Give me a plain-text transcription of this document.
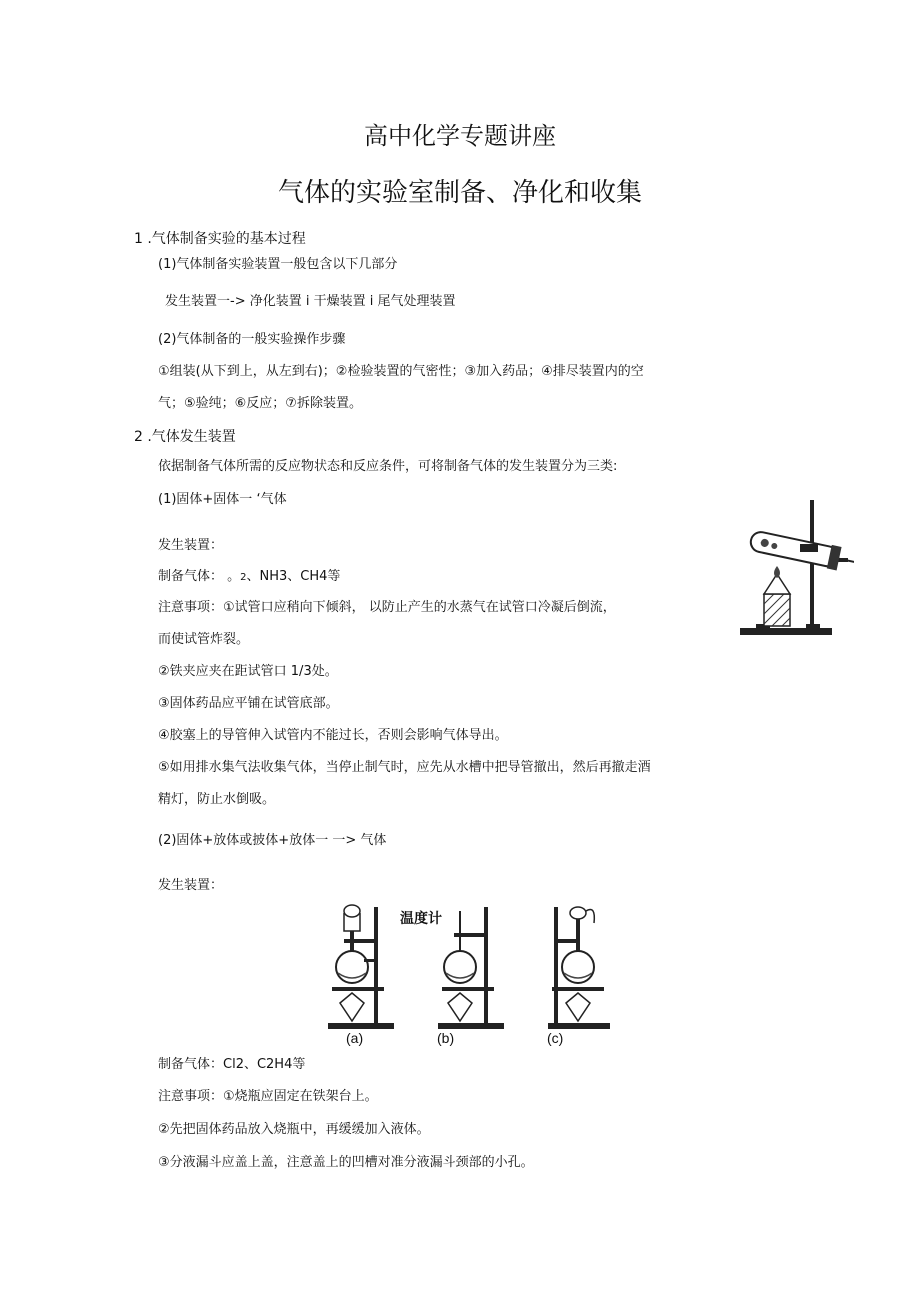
高中化学专题讲座
气体的实验室制备、净化和收集
1 .气体制备实验的基本过程
(1)气体制备实验装置一般包含以下几部分
发生装置一-> 净化装置 i 干燥装置 i 尾气处理装置
(2)气体制备的一般实验操作步骤
①组装(从下到上，从左到右)；②检验装置的气密性；③加入药品；④排尽装置内的空
气；⑤验纯；⑥反应；⑦拆除装置。
2 .气体发生装置
依据制备气体所需的反应物状态和反应条件，可将制备气体的发生装置分为三类:
(1)固体+固体一 ‘气体
发生装置：
制备气体： 。2、NH3、CH4等
注意事项：①试管口应稍向下倾斜， 以防止产生的水蒸气在试管口冷凝后倒流，
而使试管炸裂。
②铁夹应夹在距试管口 1/3处。
③固体药品应平铺在试管底部。
④胶塞上的导管伸入试管内不能过长，否则会影响气体导出。
⑤如用排水集气法收集气体，当停止制气时，应先从水槽中把导管撤出，然后再撤走酒
精灯，防止水倒吸。
(2)固体+放体或披体+放体一 一> 气体
发生装置：
温度计
(a)	(b)	(c)
制备气体：Cl2、C2H4等
注意事项：①烧瓶应固定在铁架台上。
②先把固体药品放入烧瓶中，再缓缓加入液体。
③分液漏斗应盖上盖，注意盖上的凹槽对准分液漏斗颈部的小孔。
